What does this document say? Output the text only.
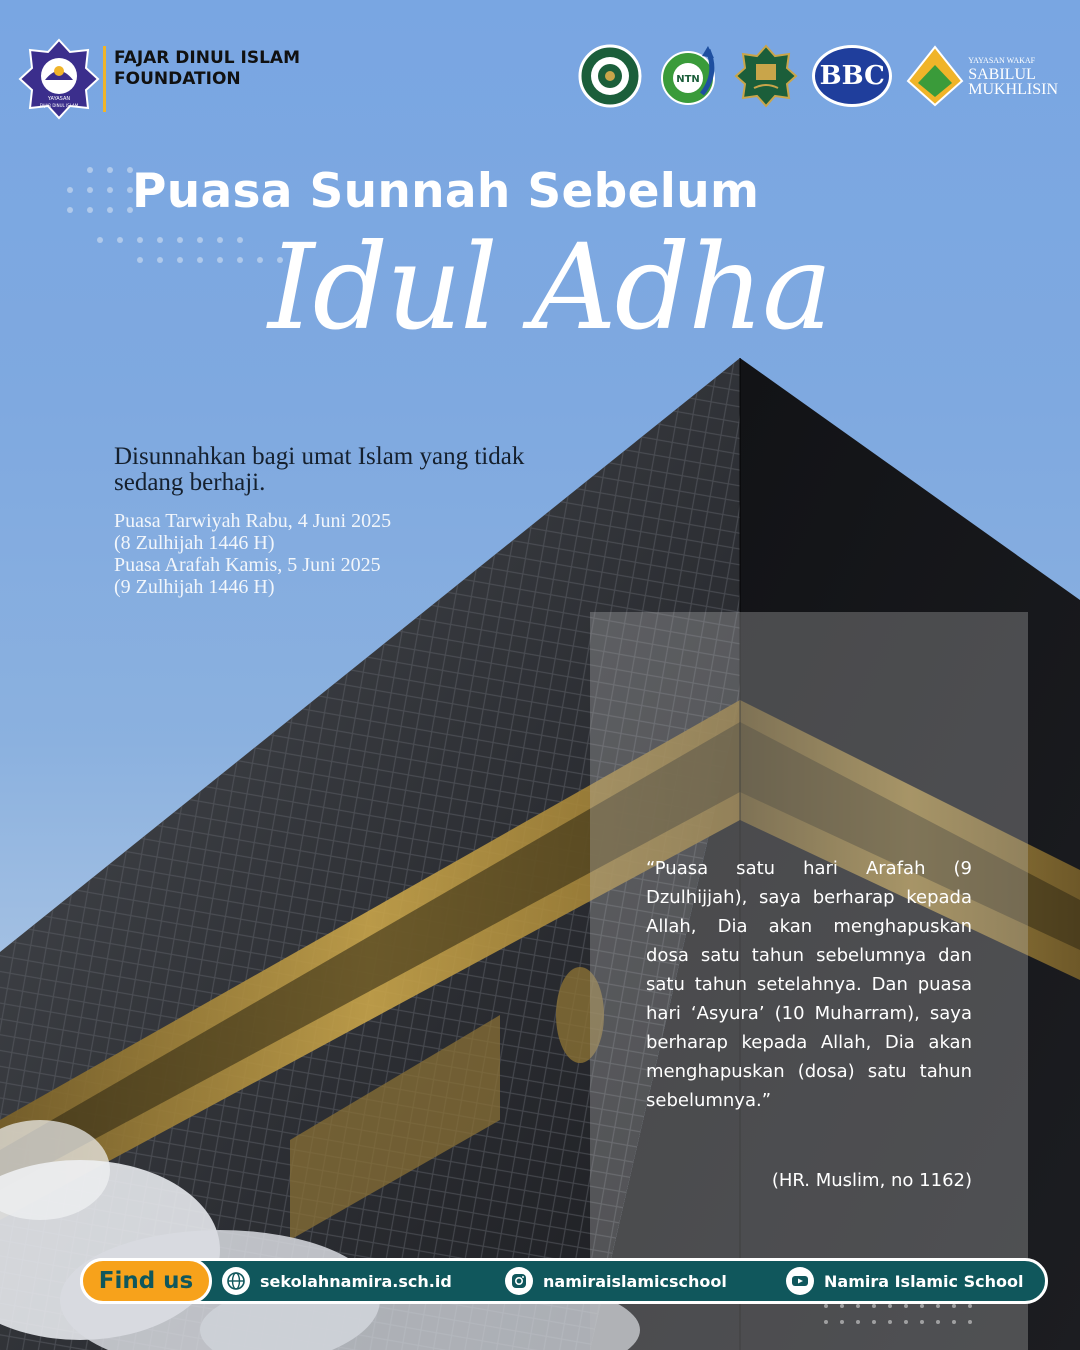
YAYASAN
FAJAR DINUL ISLAM
FAJAR DINUL ISLAM
FOUNDATION	NTN	BBC
YAYASAN WAKAF
SABILUL
MUKHLISIN
Puasa Sunnah Sebelum
Idul Adha
Disunnahkan bagi umat Islam yang tidak sedang berhaji.
Puasa Tarwiyah Rabu, 4 Juni 2025
(8 Zulhijah 1446 H)
Puasa Arafah Kamis, 5 Juni 2025
(9 Zulhijah 1446 H)
“Puasa satu hari Arafah (9 Dzulhijjah), saya berharap kepada Allah, Dia akan menghapuskan dosa satu tahun sebelumnya dan satu tahun setelahnya. Dan puasa hari ‘Asyura’ (10 Muharram), saya berharap kepada Allah, Dia akan menghapuskan (dosa) satu tahun sebelumnya.”
(HR. Muslim, no 1162)
Find us	sekolahnamira.sch.id	namiraislamicschool	Namira Islamic School
